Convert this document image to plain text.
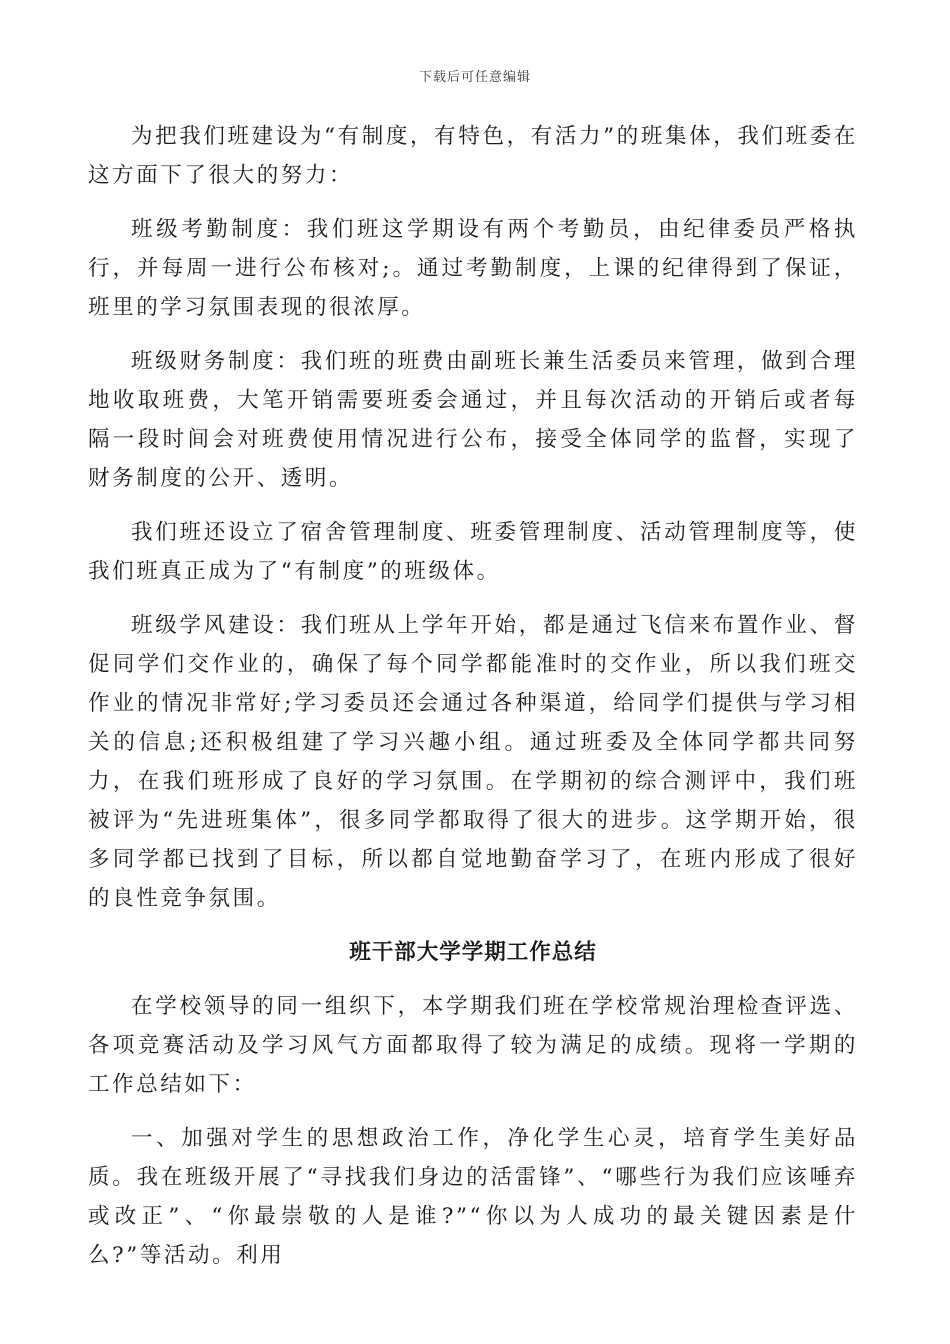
下载后可任意编辑

为把我们班建设为“有制度，有特色，有活力”的班集体，我们班委在这方面下了很大的努力：

班级考勤制度：我们班这学期设有两个考勤员，由纪律委员严格执行，并每周一进行公布核对;。通过考勤制度，上课的纪律得到了保证，班里的学习氛围表现的很浓厚。

班级财务制度：我们班的班费由副班长兼生活委员来管理，做到合理地收取班费，大笔开销需要班委会通过，并且每次活动的开销后或者每隔一段时间会对班费使用情况进行公布，接受全体同学的监督，实现了财务制度的公开、透明。

我们班还设立了宿舍管理制度、班委管理制度、活动管理制度等，使我们班真正成为了“有制度”的班级体。

班级学风建设：我们班从上学年开始，都是通过飞信来布置作业、督促同学们交作业的，确保了每个同学都能准时的交作业，所以我们班交作业的情况非常好;学习委员还会通过各种渠道，给同学们提供与学习相关的信息;还积极组建了学习兴趣小组。通过班委及全体同学都共同努力，在我们班形成了良好的学习氛围。在学期初的综合测评中，我们班被评为“先进班集体”，很多同学都取得了很大的进步。这学期开始，很多同学都已找到了目标，所以都自觉地勤奋学习了，在班内形成了很好的良性竞争氛围。

班干部大学学期工作总结

在学校领导的同一组织下，本学期我们班在学校常规治理检查评选、各项竞赛活动及学习风气方面都取得了较为满足的成绩。现将一学期的工作总结如下：

一、加强对学生的思想政治工作，净化学生心灵，培育学生美好品质。我在班级开展了“寻找我们身边的活雷锋”、“哪些行为我们应该唾弃或改正”、“你最崇敬的人是谁?”“你以为人成功的最关键因素是什么?”等活动。利用
